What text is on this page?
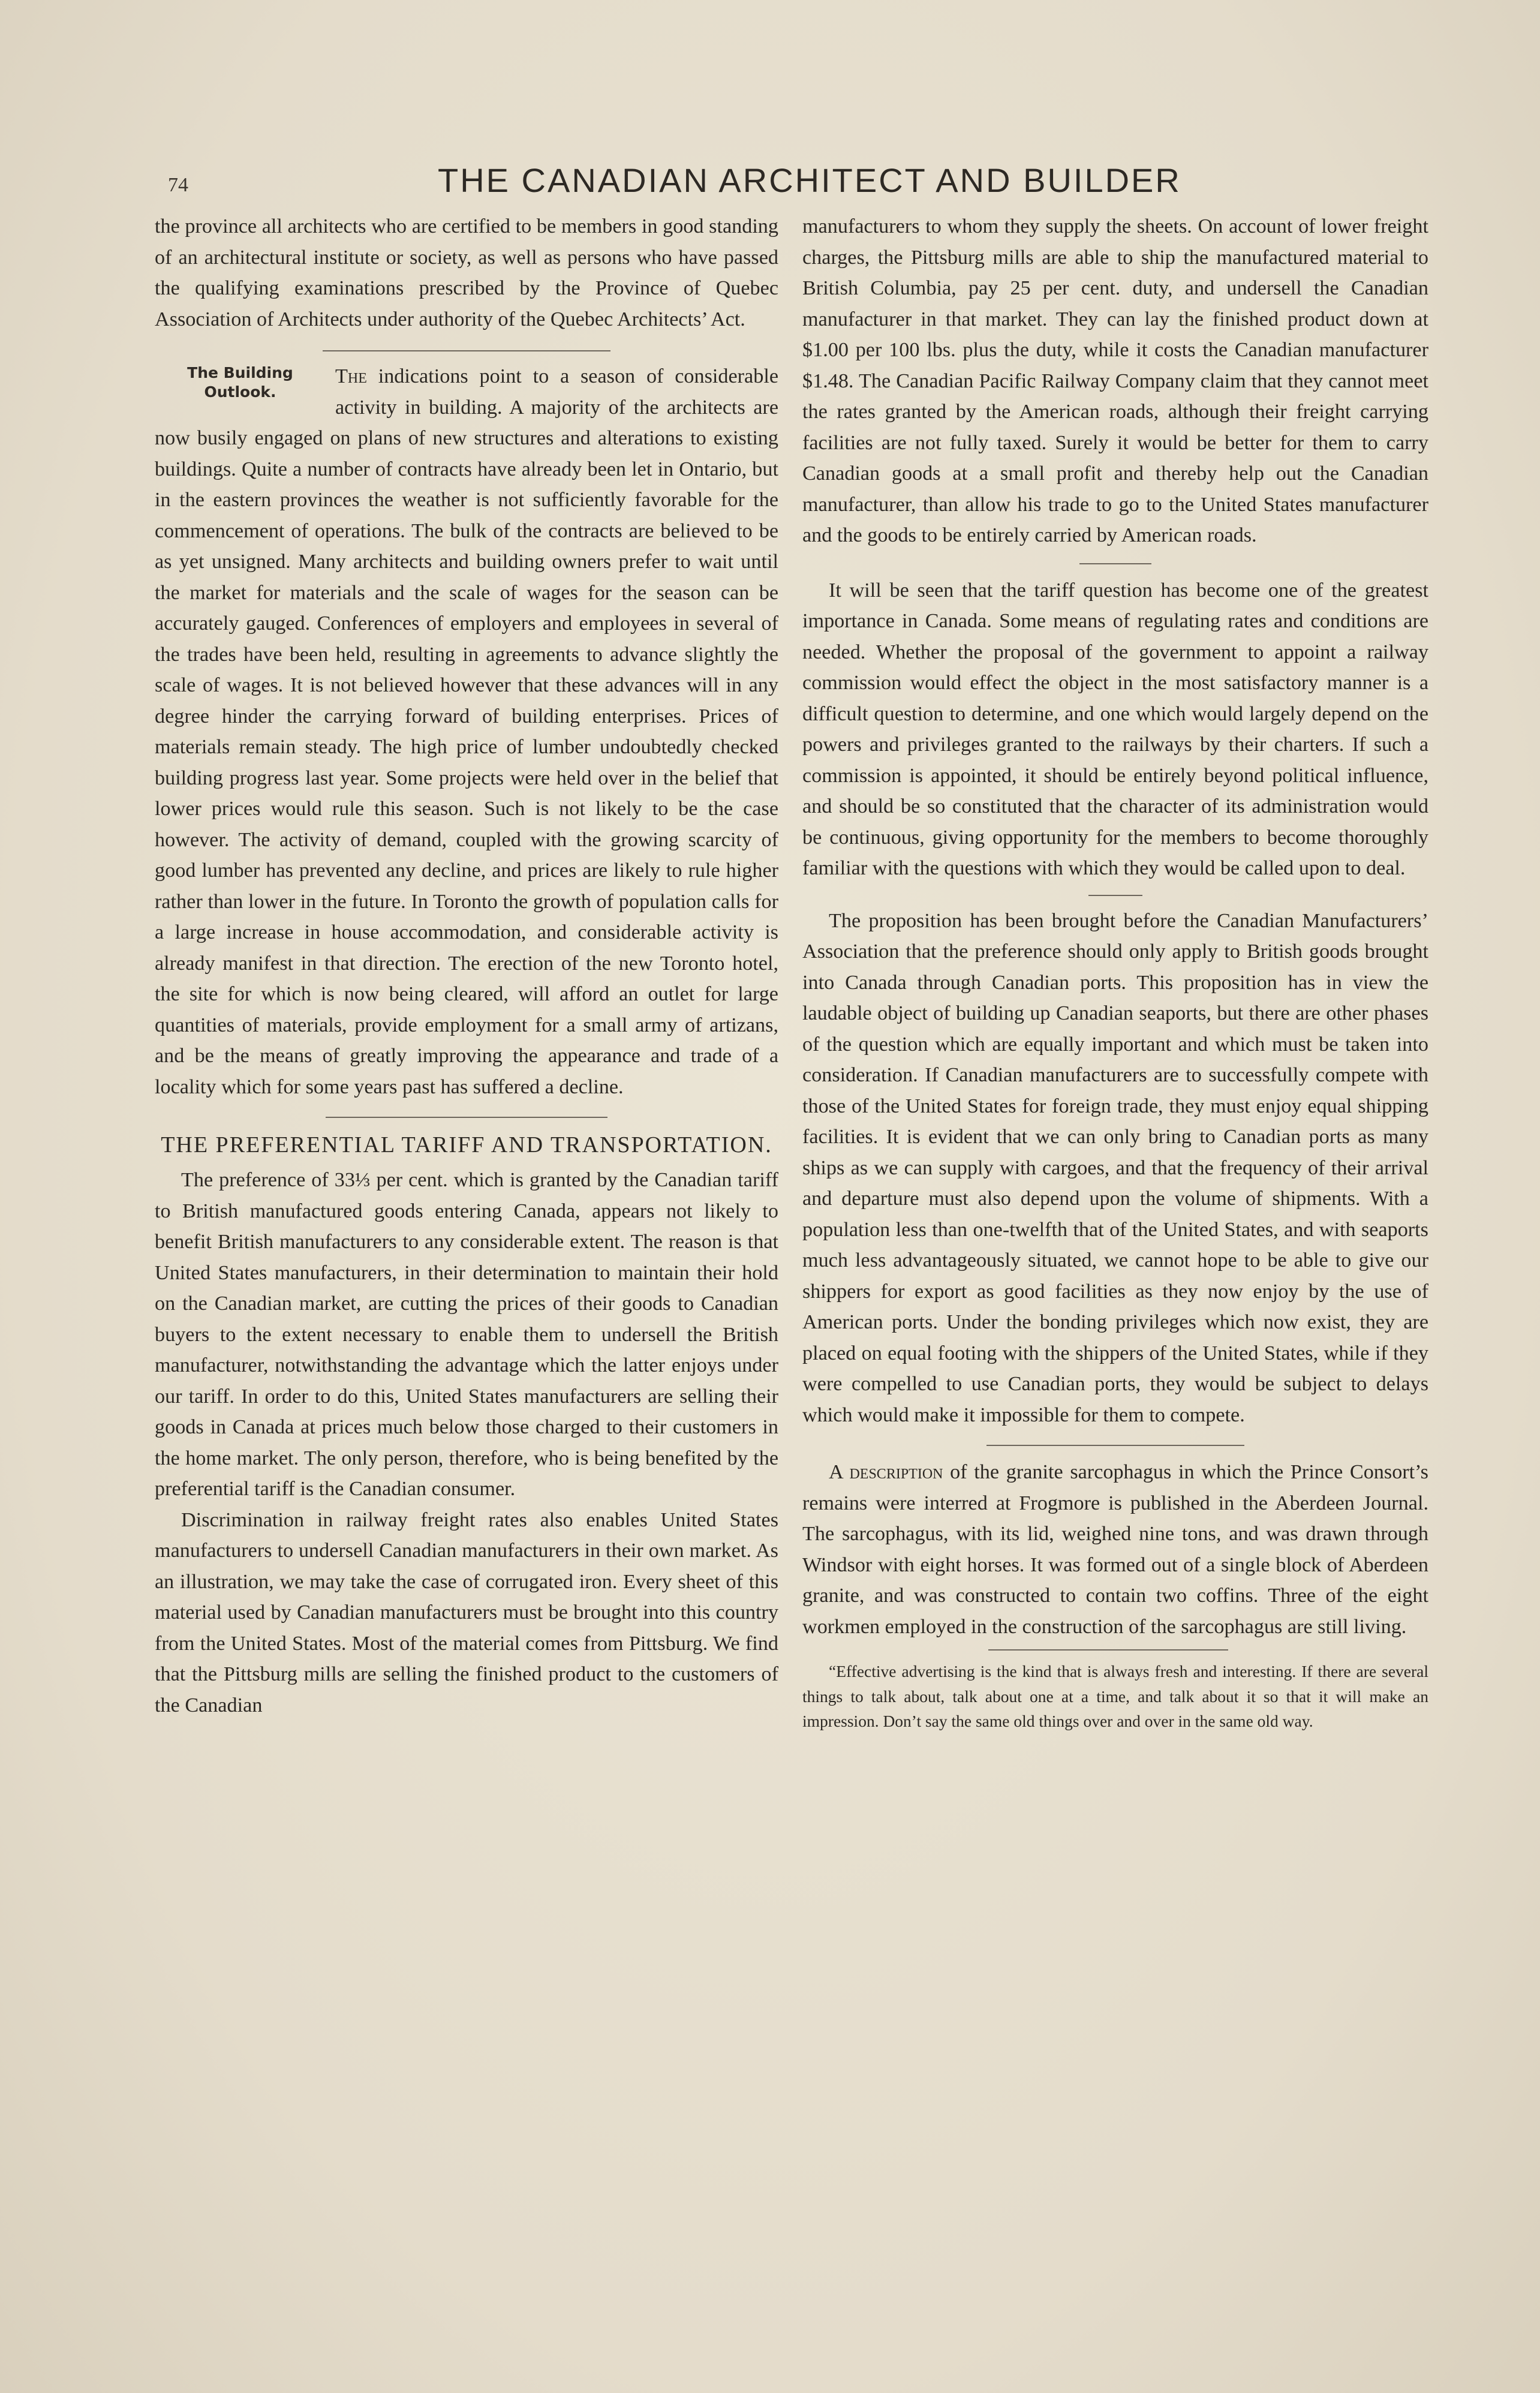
74	THE CANADIAN ARCHITECT AND BUILDER

the province all architects who are certified to be members in good standing of an architectural institute or society, as well as persons who have passed the qualifying examinations prescribed by the Province of Quebec Association of Architects under authority of the Quebec Architects’ Act.

The Building Outlook.

The indications point to a season of considerable activity in building. A majority of the architects are now busily engaged on plans of new structures and alterations to existing buildings. Quite a number of contracts have already been let in Ontario, but in the eastern provinces the weather is not sufficiently favorable for the commencement of operations. The bulk of the contracts are believed to be as yet unsigned. Many architects and building owners prefer to wait until the market for materials and the scale of wages for the season can be accurately gauged. Conferences of employers and employees in several of the trades have been held, resulting in agreements to advance slightly the scale of wages. It is not believed however that these advances will in any degree hinder the carrying forward of building enterprises. Prices of materials remain steady. The high price of lumber undoubtedly checked building progress last year. Some projects were held over in the belief that lower prices would rule this season. Such is not likely to be the case however. The activity of demand, coupled with the growing scarcity of good lumber has prevented any decline, and prices are likely to rule higher rather than lower in the future. In Toronto the growth of population calls for a large increase in house accommodation, and considerable activity is already manifest in that direction. The erection of the new Toronto hotel, the site for which is now being cleared, will afford an outlet for large quantities of materials, provide employment for a small army of artizans, and be the means of greatly improving the appearance and trade of a locality which for some years past has suffered a decline.

THE PREFERENTIAL TARIFF AND TRANSPORTATION.

The preference of 33⅓ per cent. which is granted by the Canadian tariff to British manufactured goods entering Canada, appears not likely to benefit British manufacturers to any considerable extent. The reason is that United States manufacturers, in their determination to maintain their hold on the Canadian market, are cutting the prices of their goods to Canadian buyers to the extent necessary to enable them to undersell the British manufacturer, notwithstanding the advantage which the latter enjoys under our tariff. In order to do this, United States manufacturers are selling their goods in Canada at prices much below those charged to their customers in the home market. The only person, therefore, who is being benefited by the preferential tariff is the Canadian consumer.

Discrimination in railway freight rates also enables United States manufacturers to undersell Canadian manufacturers in their own market. As an illustration, we may take the case of corrugated iron. Every sheet of this material used by Canadian manufacturers must be brought into this country from the United States. Most of the material comes from Pittsburg. We find that the Pittsburg mills are selling the finished product to the customers of the Canadian

manufacturers to whom they supply the sheets. On account of lower freight charges, the Pittsburg mills are able to ship the manufactured material to British Columbia, pay 25 per cent. duty, and undersell the Canadian manufacturer in that market. They can lay the finished product down at $1.00 per 100 lbs. plus the duty, while it costs the Canadian manufacturer $1.48. The Canadian Pacific Railway Company claim that they cannot meet the rates granted by the American roads, although their freight carrying facilities are not fully taxed. Surely it would be better for them to carry Canadian goods at a small profit and thereby help out the Canadian manufacturer, than allow his trade to go to the United States manufacturer and the goods to be entirely carried by American roads.

It will be seen that the tariff question has become one of the greatest importance in Canada. Some means of regulating rates and conditions are needed. Whether the proposal of the government to appoint a railway commission would effect the object in the most satisfactory manner is a difficult question to determine, and one which would largely depend on the powers and privileges granted to the railways by their charters. If such a commission is appointed, it should be entirely beyond political influence, and should be so constituted that the character of its administration would be continuous, giving opportunity for the members to become thoroughly familiar with the questions with which they would be called upon to deal.

The proposition has been brought before the Canadian Manufacturers’ Association that the preference should only apply to British goods brought into Canada through Canadian ports. This proposition has in view the laudable object of building up Canadian seaports, but there are other phases of the question which are equally important and which must be taken into consideration. If Canadian manufacturers are to successfully compete with those of the United States for foreign trade, they must enjoy equal shipping facilities. It is evident that we can only bring to Canadian ports as many ships as we can supply with cargoes, and that the frequency of their arrival and departure must also depend upon the volume of shipments. With a population less than one-twelfth that of the United States, and with seaports much less advantageously situated, we cannot hope to be able to give our shippers for export as good facilities as they now enjoy by the use of American ports. Under the bonding privileges which now exist, they are placed on equal footing with the shippers of the United States, while if they were compelled to use Canadian ports, they would be subject to delays which would make it impossible for them to compete.

A description of the granite sarcophagus in which the Prince Consort’s remains were interred at Frogmore is published in the Aberdeen Journal. The sarcophagus, with its lid, weighed nine tons, and was drawn through Windsor with eight horses. It was formed out of a single block of Aberdeen granite, and was constructed to contain two coffins. Three of the eight workmen employed in the construction of the sarcophagus are still living.

“Effective advertising is the kind that is always fresh and interesting. If there are several things to talk about, talk about one at a time, and talk about it so that it will make an impression. Don’t say the same old things over and over in the same old way.
